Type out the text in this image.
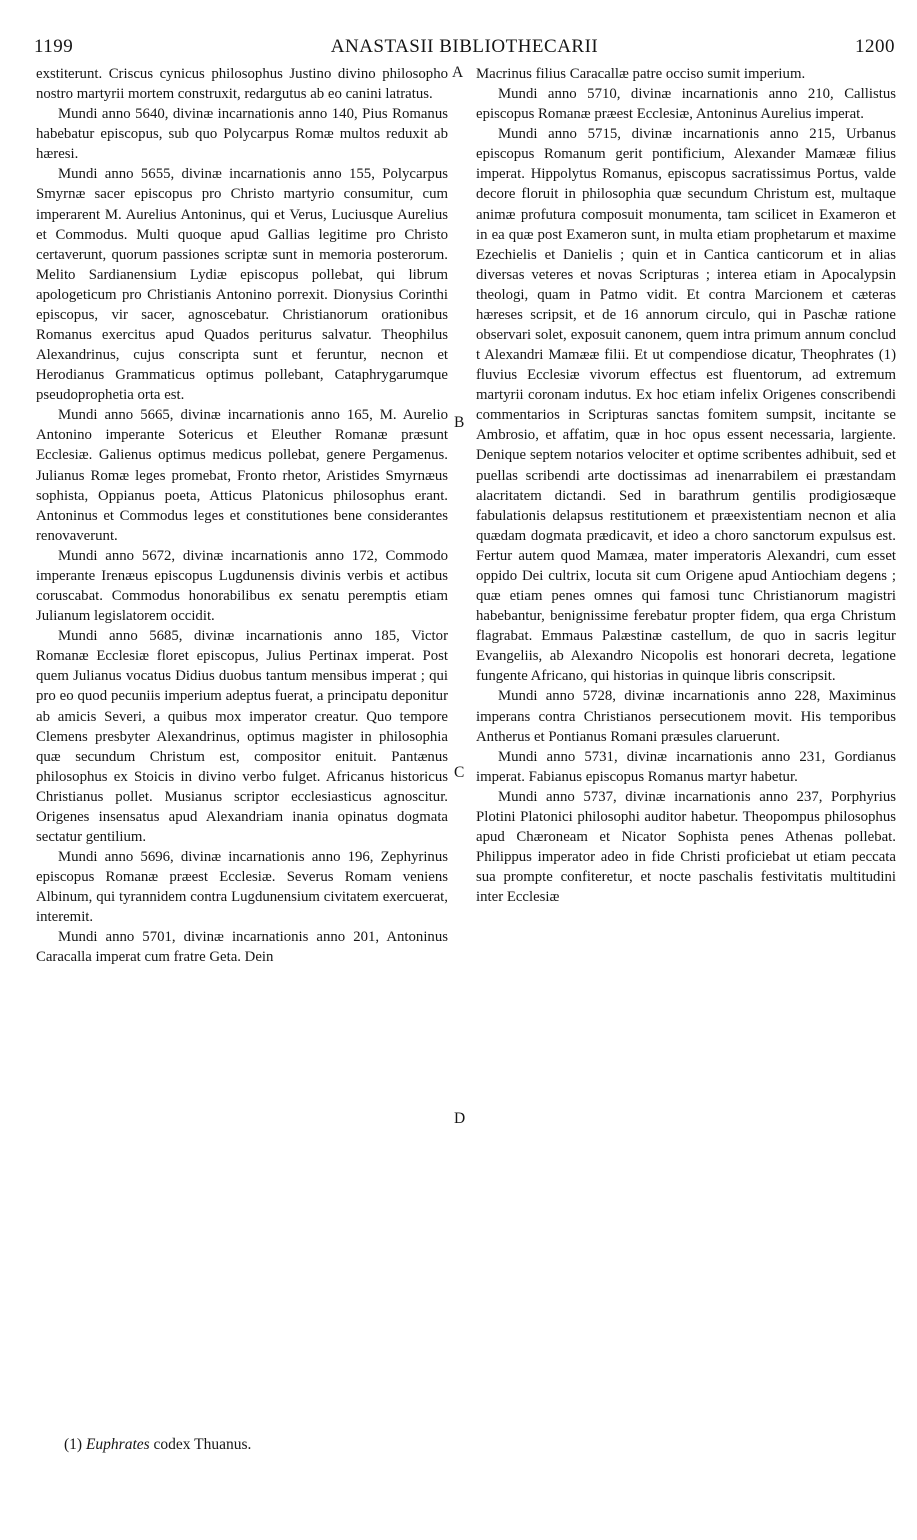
1199	ANASTASII BIBLIOTHECARII	1200

exstiterunt. Criscus cynicus philosophus Justino divino philosopho nostro martyrii mortem construxit, redargutus ab eo canini latratus.

Mundi anno 5640, divinæ incarnationis anno 140, Pius Romanus habebatur episcopus, sub quo Polycarpus Romæ multos reduxit ab hæresi.

Mundi anno 5655, divinæ incarnationis anno 155, Polycarpus Smyrnæ sacer episcopus pro Christo martyrio consumitur, cum imperarent M. Aurelius Antoninus, qui et Verus, Luciusque Aurelius et Commodus. Multi quoque apud Gallias legitime pro Christo certaverunt, quorum passiones scriptæ sunt in memoria posterorum. Melito Sardianensium Lydiæ episcopus pollebat, qui librum apologeticum pro Christianis Antonino porrexit. Dionysius Corinthi episcopus, vir sacer, agnoscebatur. Christianorum orationibus Romanus exercitus apud Quados periturus salvatur. Theophilus Alexandrinus, cujus conscripta sunt et feruntur, necnon et Herodianus Grammaticus optimus pollebant, Cataphrygarumque pseudoprophetia orta est.

Mundi anno 5665, divinæ incarnationis anno 165, M. Aurelio Antonino imperante Sotericus et Eleuther Romanæ præsunt Ecclesiæ. Galienus optimus medicus pollebat, genere Pergamenus. Julianus Romæ leges promebat, Fronto rhetor, Aristides Smyrnæus sophista, Oppianus poeta, Atticus Platonicus philosophus erant. Antoninus et Commodus leges et constitutiones bene considerantes renovaverunt.

Mundi anno 5672, divinæ incarnationis anno 172, Commodo imperante Irenæus episcopus Lugdunensis divinis verbis et actibus coruscabat. Commodus honorabilibus ex senatu peremptis etiam Julianum legislatorem occidit.

Mundi anno 5685, divinæ incarnationis anno 185, Victor Romanæ Ecclesiæ floret episcopus, Julius Pertinax imperat. Post quem Julianus vocatus Didius duobus tantum mensibus imperat ; qui pro eo quod pecuniis imperium adeptus fuerat, a principatu deponitur ab amicis Severi, a quibus mox imperator creatur. Quo tempore Clemens presbyter Alexandrinus, optimus magister in philosophia quæ secundum Christum est, compositor enituit. Pantænus philosophus ex Stoicis in divino verbo fulget. Africanus historicus Christianus pollet. Musianus scriptor ecclesiasticus agnoscitur. Origenes insensatus apud Alexandriam inania opinatus dogmata sectatur gentilium.

Mundi anno 5696, divinæ incarnationis anno 196, Zephyrinus episcopus Romanæ præest Ecclesiæ. Severus Romam veniens Albinum, qui tyrannidem contra Lugdunensium civitatem exercuerat, interemit.

Mundi anno 5701, divinæ incarnationis anno 201, Antoninus Caracalla imperat cum fratre Geta. Dein

Macrinus filius Caracallæ patre occiso sumit imperium.

Mundi anno 5710, divinæ incarnationis anno 210, Callistus episcopus Romanæ præest Ecclesiæ, Antoninus Aurelius imperat.

Mundi anno 5715, divinæ incarnationis anno 215, Urbanus episcopus Romanum gerit pontificium, Alexander Mamææ filius imperat. Hippolytus Romanus, episcopus sacratissimus Portus, valde decore floruit in philosophia quæ secundum Christum est, multaque animæ profutura composuit monumenta, tam scilicet in Exameron et in ea quæ post Exameron sunt, in multa etiam prophetarum et maxime Ezechielis et Danielis ; quin et in Cantica canticorum et in alias diversas veteres et novas Scripturas ; interea etiam in Apocalypsin theologi, quam in Patmo vidit. Et contra Marcionem et cæteras hæreses scripsit, et de 16 annorum circulo, qui in Paschæ ratione observari solet, exposuit canonem, quem intra primum annum conclud t Alexandri Mamææ filii. Et ut compendiose dicatur, Theophrates (1) fluvius Ecclesiæ vivorum effectus est fluentorum, ad extremum martyrii coronam indutus. Ex hoc etiam infelix Origenes conscribendi commentarios in Scripturas sanctas fomitem sumpsit, incitante se Ambrosio, et affatim, quæ in hoc opus essent necessaria, largiente. Denique septem notarios velociter et optime scribentes adhibuit, sed et puellas scribendi arte doctissimas ad inenarrabilem ei præstandam alacritatem dictandi. Sed in barathrum gentilis prodigiosæque fabulationis delapsus restitutionem et præexistentiam necnon et alia quædam dogmata prædicavit, et ideo a choro sanctorum expulsus est. Fertur autem quod Mamæa, mater imperatoris Alexandri, cum esset oppido Dei cultrix, locuta sit cum Origene apud Antiochiam degens ; quæ etiam penes omnes qui famosi tunc Christianorum magistri habebantur, benignissime ferebatur propter fidem, qua erga Christum flagrabat. Emmaus Palæstinæ castellum, de quo in sacris legitur Evangeliis, ab Alexandro Nicopolis est honorari decreta, legatione fungente Africano, qui historias in quinque libris conscripsit.

Mundi anno 5728, divinæ incarnationis anno 228, Maximinus imperans contra Christianos persecutionem movit. His temporibus Antherus et Pontianus Romani præsules claruerunt.

Mundi anno 5731, divinæ incarnationis anno 231, Gordianus imperat. Fabianus episcopus Romanus martyr habetur.

Mundi anno 5737, divinæ incarnationis anno 237, Porphyrius Plotini Platonici philosophi auditor habetur. Theopompus philosophus apud Chæroneam et Nicator Sophista penes Athenas pollebat. Philippus imperator adeo in fide Christi proficiebat ut etiam peccata sua prompte confiteretur, et nocte paschalis festivitatis multitudini inter Ecclesiæ

A
B
C
D
(1) Euphrates codex Thuanus.
